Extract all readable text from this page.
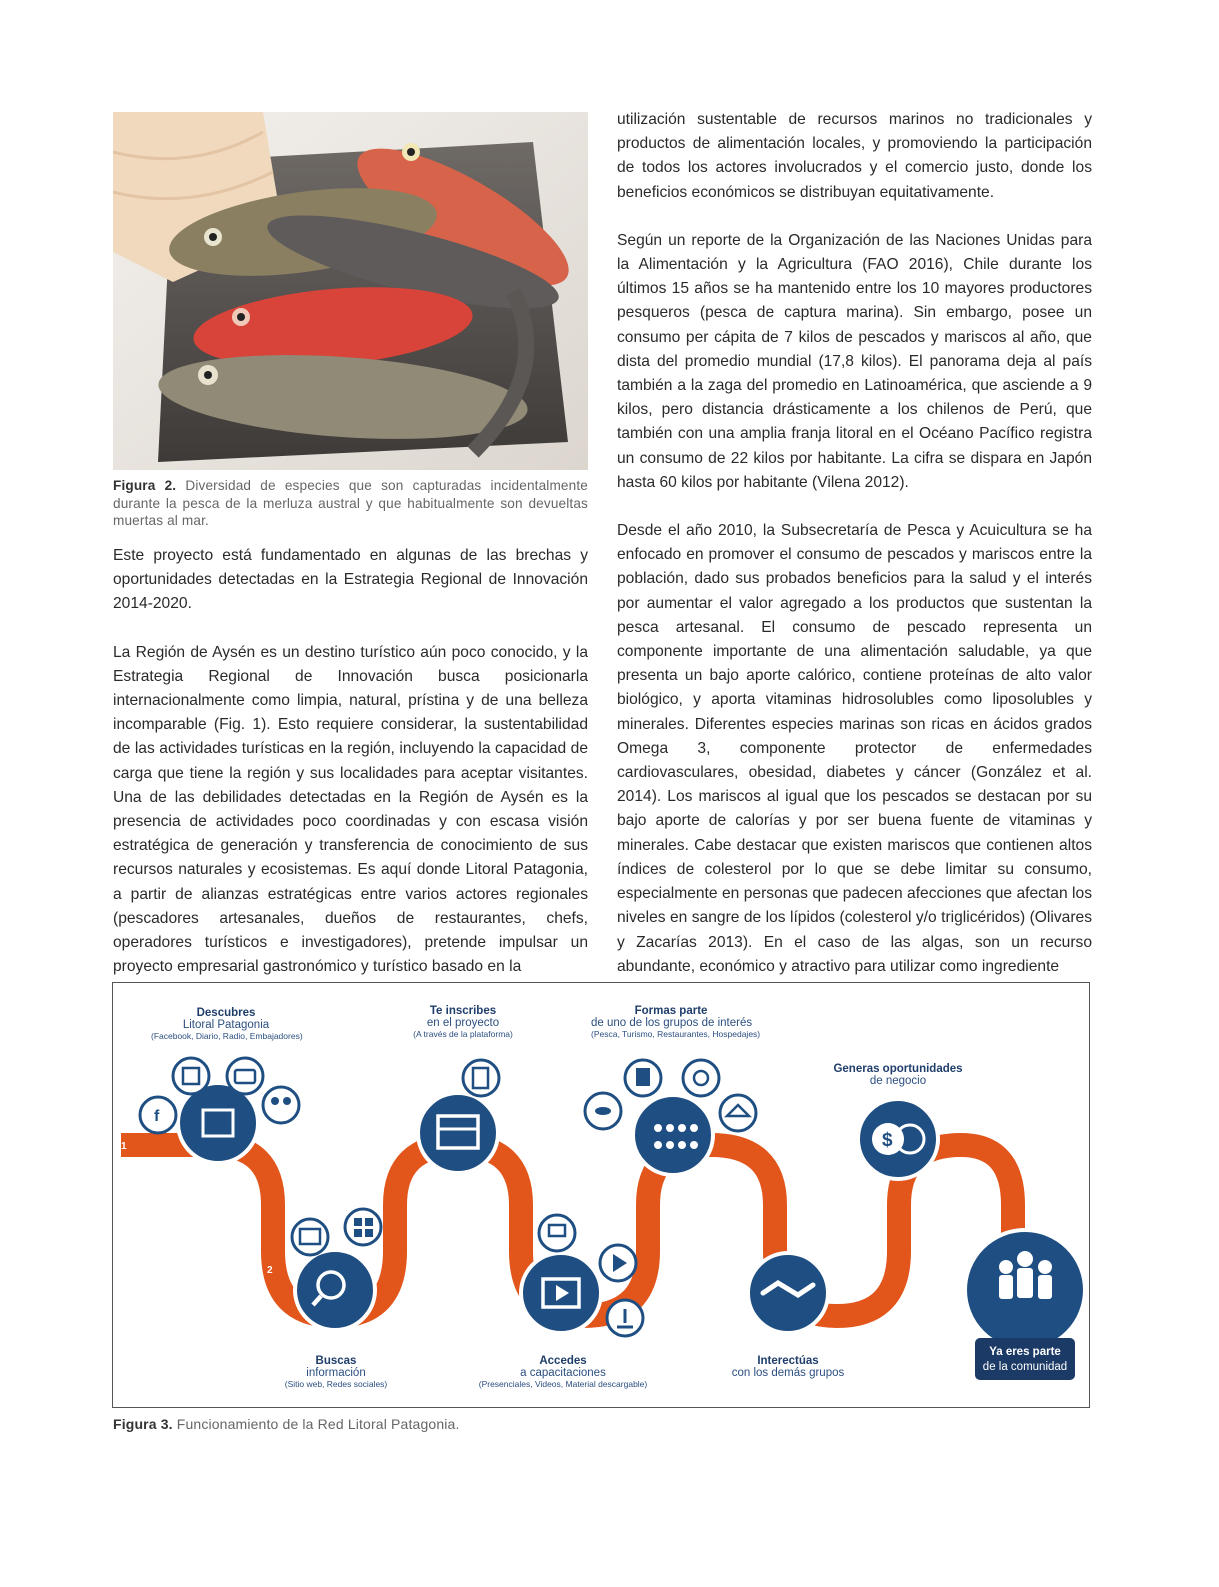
Figura 2. Diversidad de especies que son capturadas incidentalmente durante la pesca de la merluza austral y que habitualmente son devueltas muertas al mar.

Este proyecto está fundamentado en algunas de las brechas y oportunidades detectadas en la Estrategia Regional de Innovación 2014-2020.

La Región de Aysén es un destino turístico aún poco conocido, y la Estrategia Regional de Innovación busca posicionarla internacionalmente como limpia, natural, prístina y de una belleza incomparable (Fig. 1). Esto requiere considerar, la sustentabilidad de las actividades turísticas en la región, incluyendo la capacidad de carga que tiene la región y sus localidades para aceptar visitantes. Una de las debilidades detectadas en la Región de Aysén es la presencia de actividades poco coordinadas y con escasa visión estratégica de generación y transferencia de conocimiento de sus recursos naturales y ecosistemas. Es aquí donde Litoral Patagonia, a partir de alianzas estratégicas entre varios actores regionales (pescadores artesanales, dueños de restaurantes, chefs, operadores turísticos e investigadores), pretende impulsar un proyecto empresarial gastronómico y turístico basado en la

utilización sustentable de recursos marinos no tradicionales y productos de alimentación locales, y promoviendo la participación de todos los actores involucrados y el comercio justo, donde los beneficios económicos se distribuyan equitativamente.

Según un reporte de la Organización de las Naciones Unidas para la Alimentación y la Agricultura (FAO 2016), Chile durante los últimos 15 años se ha mantenido entre los 10 mayores productores pesqueros (pesca de captura marina). Sin embargo, posee un consumo per cápita de 7 kilos de pescados y mariscos al año, que dista del promedio mundial (17,8 kilos). El panorama deja al país también a la zaga del promedio en Latinoamérica, que asciende a 9 kilos, pero distancia drásticamente a los chilenos de Perú, que también con una amplia franja litoral en el Océano Pacífico registra un consumo de 22 kilos por habitante. La cifra se dispara en Japón hasta 60 kilos por habitante (Vilena 2012).

Desde el año 2010, la Subsecretaría de Pesca y Acuicultura se ha enfocado en promover el consumo de pescados y mariscos entre la población, dado sus probados beneficios para la salud y el interés por aumentar el valor agregado a los productos que sustentan la pesca artesanal. El consumo de pescado representa un componente importante de una alimentación saludable, ya que presenta un bajo aporte calórico, contiene proteínas de alto valor biológico, y aporta vitaminas hidrosolubles como liposolubles y minerales. Diferentes especies marinas son ricas en ácidos grados Omega 3, componente protector de enfermedades cardiovasculares, obesidad, diabetes y cáncer (González et al. 2014). Los mariscos al igual que los pescados se destacan por su bajo aporte de calorías y por ser buena fuente de vitaminas y minerales. Cabe destacar que existen mariscos que contienen altos índices de colesterol por lo que se debe limitar su consumo, especialmente en personas que padecen afecciones que afectan los niveles en sangre de los lípidos (colesterol y/o triglicéridos) (Olivares y Zacarías 2013). En el caso de las algas, son un recurso abundante, económico y atractivo para utilizar como ingrediente

1
2
3
4
5
6
7
8
f
$
Descubres
Litoral Patagonia
(Facebook, Diario, Radio, Embajadores)
Buscas
información
(Sitio web, Redes sociales)
Te inscribes
en el proyecto
(A través de la plataforma)
Accedes
a capacitaciones
(Presenciales, Videos, Material descargable)
Formas parte
de uno de los grupos de interés
(Pesca, Turismo, Restaurantes, Hospedajes)
Interectúas
con los demás grupos
Generas oportunidades
de negocio
Ya eres parte
de la comunidad
Figura 3. Funcionamiento de la Red Litoral Patagonia.
